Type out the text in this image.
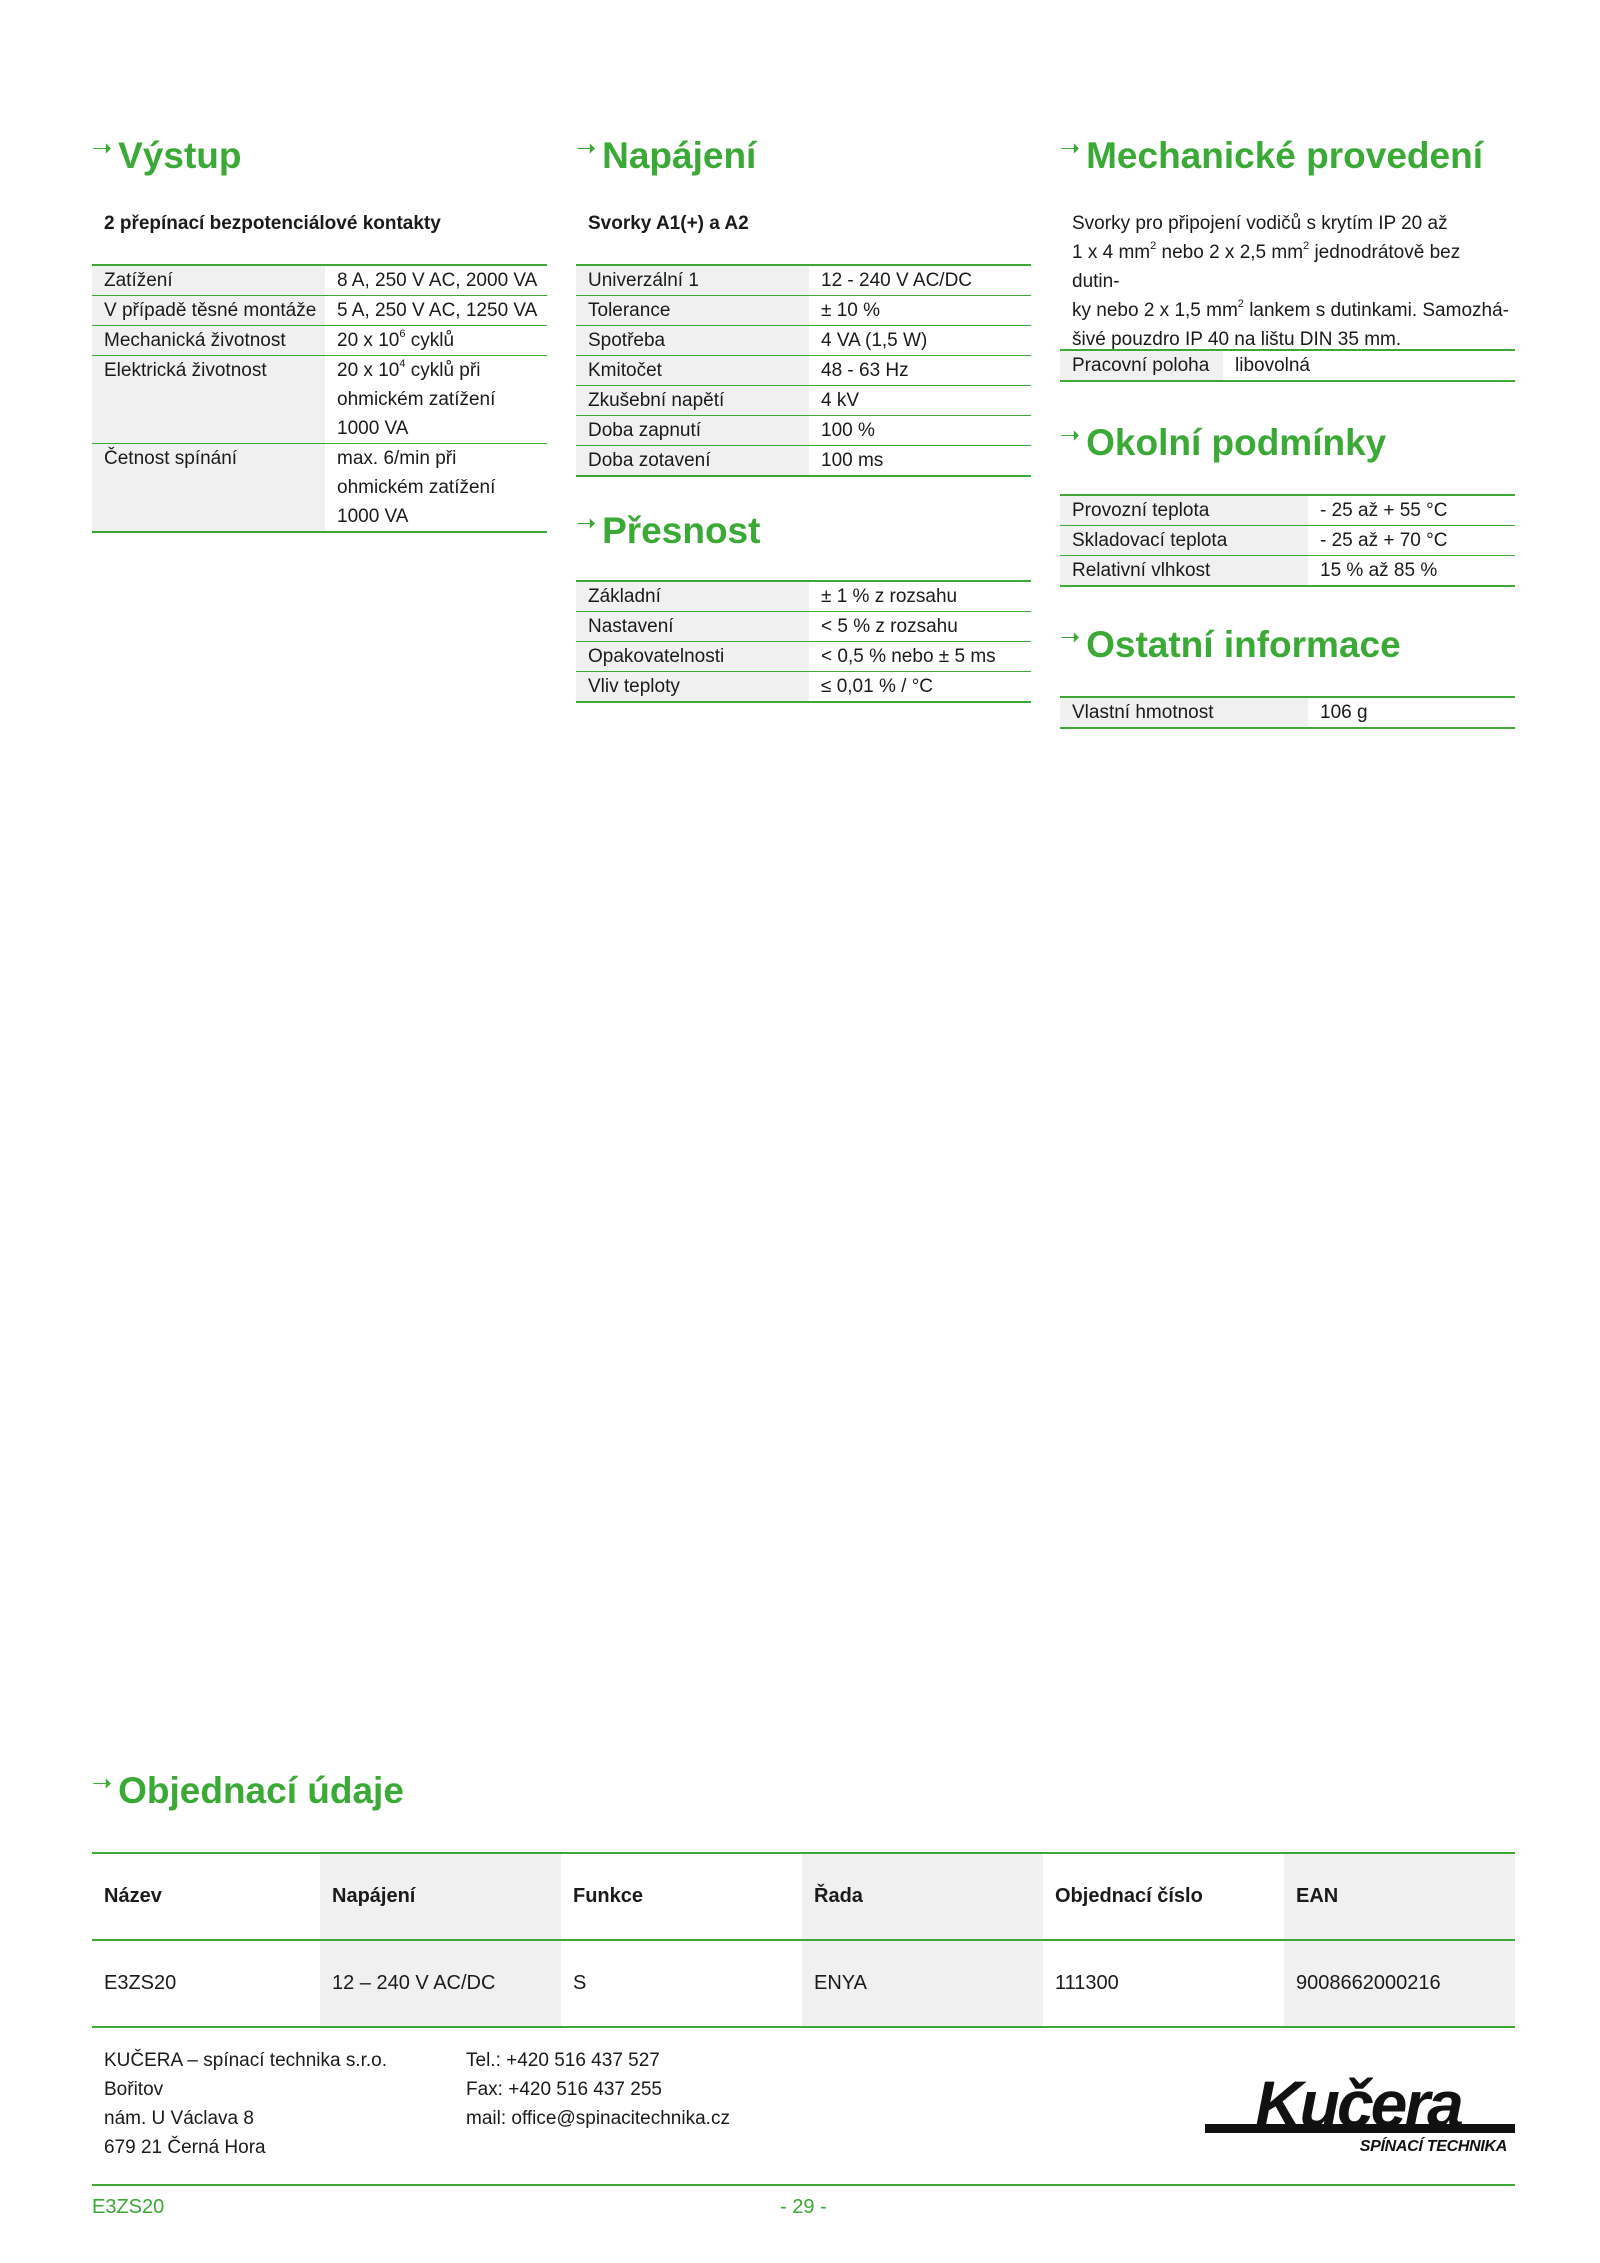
➝ Výstup

2 přepínací bezpotenciálové kontakty

Zatížení	8 A, 250 V AC, 2000 VA
V případě těsné montáže	5 A, 250 V AC, 1250 VA
Mechanická životnost	20 x $10^6$ cyklů
Elektrická životnost	20 x $10^4$ cyklů při ohmickém zatížení 1000 VA
Četnost spínání	max. 6/min při ohmickém zatížení 1000 VA
➝ Napájení

Svorky A1(+) a A2

Univerzální 1	12 - 240 V AC/DC
Tolerance	± 10 %
Spotřeba	4 VA (1,5 W)
Kmitočet	48 - 63 Hz
Zkušební napětí	4 kV
Doba zapnutí	100 %
Doba zotavení	100 ms
➝ Přesnost
Základní	± 1 % z rozsahu
Nastavení	< 5 % z rozsahu
Opakovatelnosti	< 0,5 % nebo ± 5 ms
Vliv teploty	≤ 0,01 % / °C
➝ Mechanické provedení
Svorky pro připojení vodičů s krytím IP 20 až
1 x 4 $mm^2$ nebo 2 x 2,5 $mm^2$ jednodrátově bez dutin-
ky nebo 2 x 1,5 $mm^2$ lankem s dutinkami. Samozhá-
šivé pouzdro IP 40 na lištu DIN 35 mm.
Pracovní poloha	libovolná
➝ Okolní podmínky
Provozní teplota	- 25 až + 55 °C
Skladovací teplota	- 25 až + 70 °C
Relativní vlhkost	15 % až 85 %
➝ Ostatní informace
Vlastní hmotnost	106 g
➝ Objednací údaje
Název	Napájení	Funkce	Řada	Objednací číslo	EAN
E3ZS20	12 – 240 V AC/DC	S	ENYA	111300	9008662000216
KUČERA – spínací technika s.r.o.
Bořitov
nám. U Václava 8
679 21 Černá Hora
Tel.: +420 516 437 527
Fax: +420 516 437 255
mail: office@spinacitechnika.cz	Kučera
SPÍNACÍ TECHNIKA
E3ZS20	- 29 -
